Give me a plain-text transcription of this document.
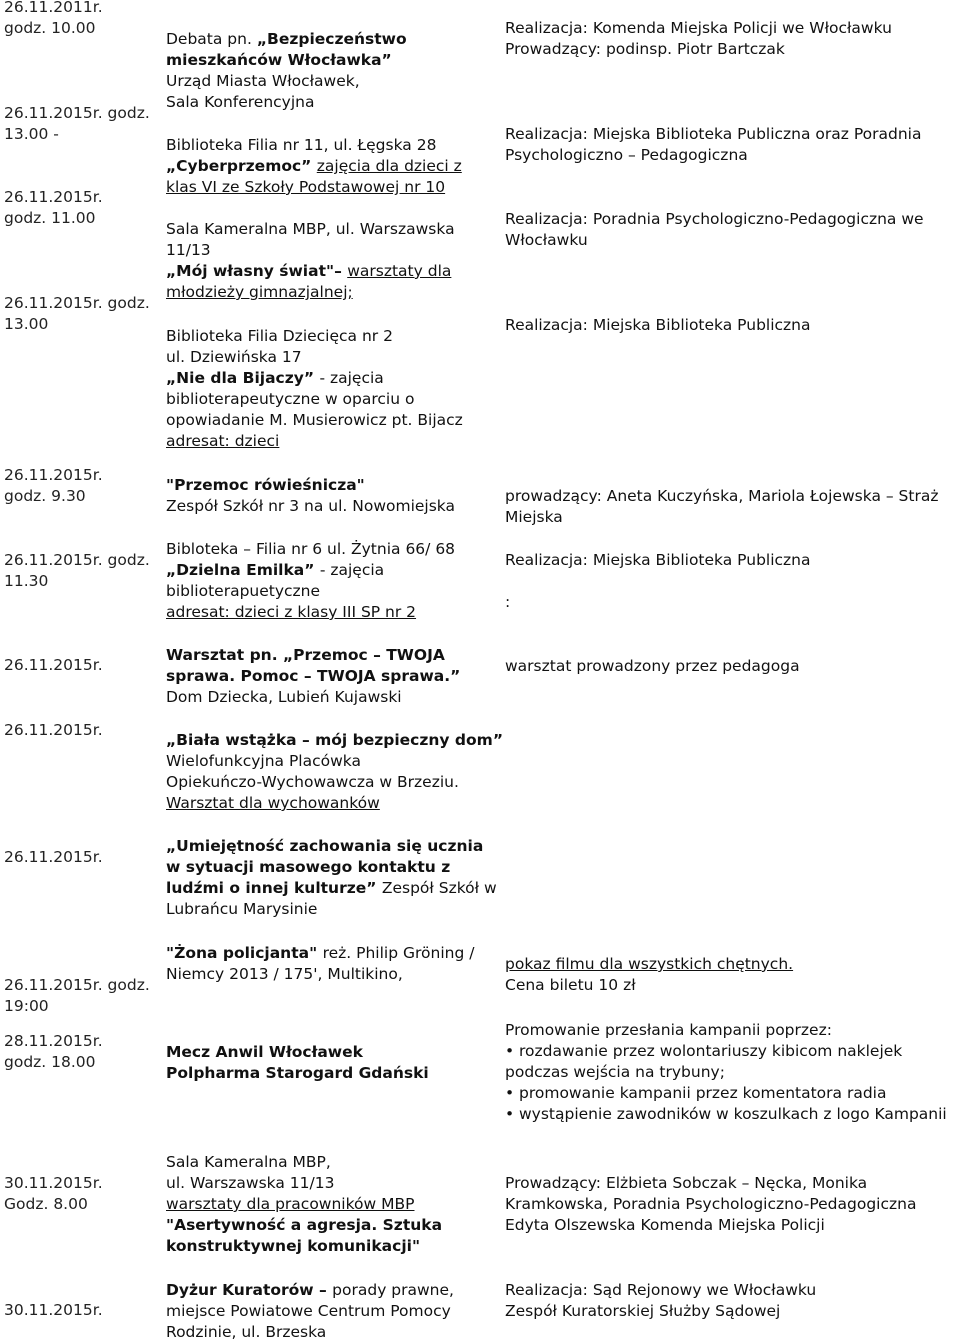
26.11.2011r.
godz. 10.00
Debata pn. „Bezpieczeństwo
mieszkańców Włocławka”
Urząd Miasta Włocławek,
Sala Konferencyjna
Realizacja: Komenda Miejska Policji we Włocławku
Prowadzący: podinsp. Piotr Bartczak
26.11.2015r. godz.
13.00 -
Biblioteka Filia nr 11, ul. Łęgska 28
„Cyberprzemoc” zajęcia dla dzieci z
klas VI ze Szkoły Podstawowej nr 10
Realizacja: Miejska Biblioteka Publiczna oraz Poradnia
Psychologiczno – Pedagogiczna
26.11.2015r.
godz. 11.00
Sala Kameralna MBP, ul. Warszawska
11/13
„Mój własny świat"– warsztaty dla
młodzieży gimnazjalnej;
Realizacja: Poradnia Psychologiczno-Pedagogiczna we
Włocławku
26.11.2015r. godz.
13.00
Biblioteka Filia Dziecięca nr 2
ul. Dziewińska 17
„Nie dla Bijaczy” - zajęcia
biblioterapeutyczne w oparciu o
opowiadanie M. Musierowicz pt. Bijacz
adresat: dzieci
Realizacja: Miejska Biblioteka Publiczna
26.11.2015r.
godz. 9.30
"Przemoc rówieśnicza"
Zespół Szkół nr 3 na ul. Nowomiejska
prowadzący: Aneta Kuczyńska, Mariola Łojewska – Straż
Miejska
26.11.2015r. godz.
11.30
Bibloteka – Filia nr 6 ul. Żytnia 66/ 68
„Dzielna Emilka” - zajęcia
biblioterapuetyczne
adresat: dzieci z klasy III SP nr 2
Realizacja: Miejska Biblioteka Publiczna
:
26.11.2015r.
Warsztat pn. „Przemoc – TWOJA
sprawa. Pomoc – TWOJA sprawa.”
Dom Dziecka, Lubień Kujawski
warsztat prowadzony przez pedagoga
26.11.2015r.
„Biała wstążka – mój bezpieczny dom”
Wielofunkcyjna Placówka
Opiekuńczo-Wychowawcza w Brzeziu.
Warsztat dla wychowanków
26.11.2015r.
„Umiejętność zachowania się ucznia
w sytuacji masowego kontaktu z
ludźmi o innej kulturze” Zespół Szkół w
Lubrańcu Marysinie
26.11.2015r. godz.
19:00
"Żona policjanta" reż. Philip Gröning /
Niemcy 2013 / 175', Multikino,
pokaz filmu dla wszystkich chętnych.
Cena biletu 10 zł
28.11.2015r.
godz. 18.00
Mecz Anwil Włocławek
Polpharma Starogard Gdański
Promowanie przesłania kampanii poprzez:
• rozdawanie przez wolontariuszy kibicom naklejek
podczas wejścia na trybuny;
• promowanie kampanii przez komentatora radia
• wystąpienie zawodników w koszulkach z logo Kampanii
30.11.2015r.
Godz. 8.00
Sala Kameralna MBP,
ul. Warszawska 11/13
warsztaty dla pracowników MBP
"Asertywność a agresja. Sztuka
konstruktywnej komunikacji"
Prowadzący: Elżbieta Sobczak – Nęcka, Monika
Kramkowska, Poradnia Psychologiczno-Pedagogiczna
Edyta Olszewska Komenda Miejska Policji
30.11.2015r.
Dyżur Kuratorów – porady prawne,
miejsce Powiatowe Centrum Pomocy
Rodzinie, ul. Brzeska
Realizacja: Sąd Rejonowy we Włocławku
Zespół Kuratorskiej Służby Sądowej
